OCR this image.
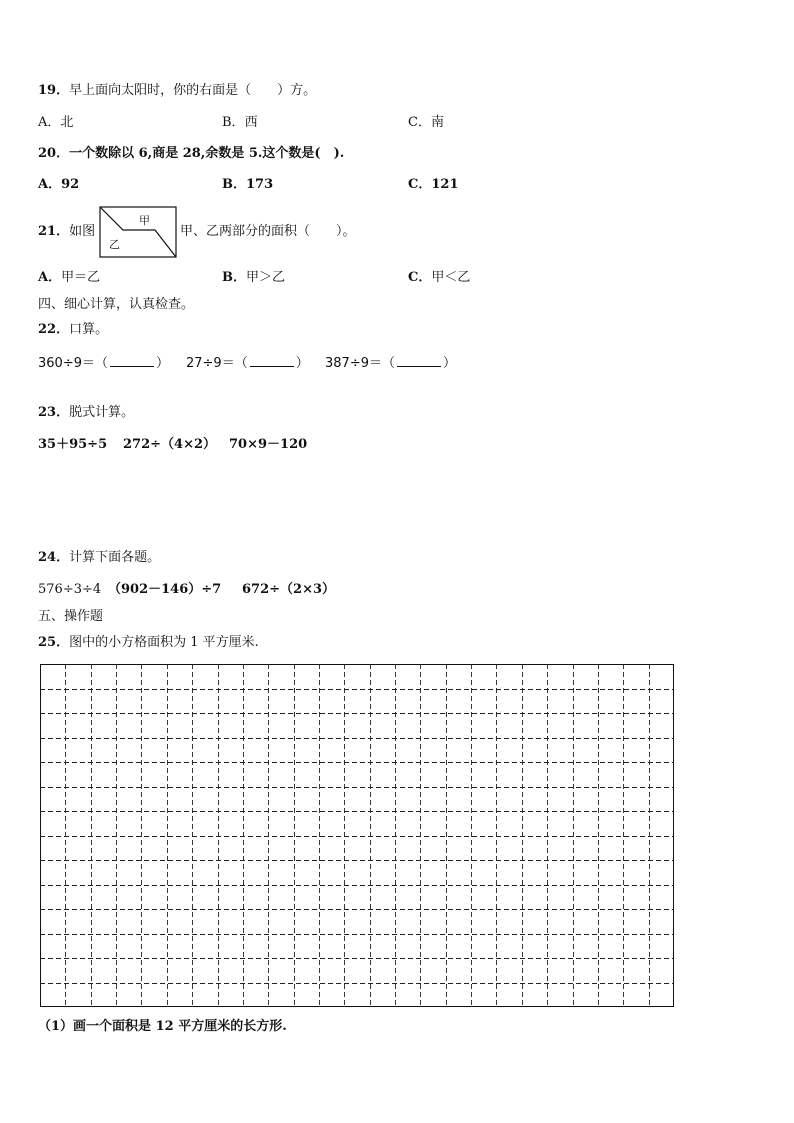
19．早上面向太阳时，你的右面是（　　）方。
A．北	B．西	C．南
20．一个数除以 6,商是 28,余数是 5.这个数是(　).
A．92	B．173	C．121
21．如图
甲
乙
甲、乙两部分的面积（　　）。
A．甲＝乙	B．甲＞乙	C．甲＜乙
四、细心计算，认真检查。
22．口算。
360÷9＝（	） 27÷9＝（	） 387÷9＝（	）
23．脱式计算。
35＋95÷5 272÷（4×2） 70×9－120
24．计算下面各题。
576÷3÷4 （902－146）÷7 672÷（2×3）
五、操作题
25．图中的小方格面积为 1 平方厘米.
（1）画一个面积是 12 平方厘米的长方形.
